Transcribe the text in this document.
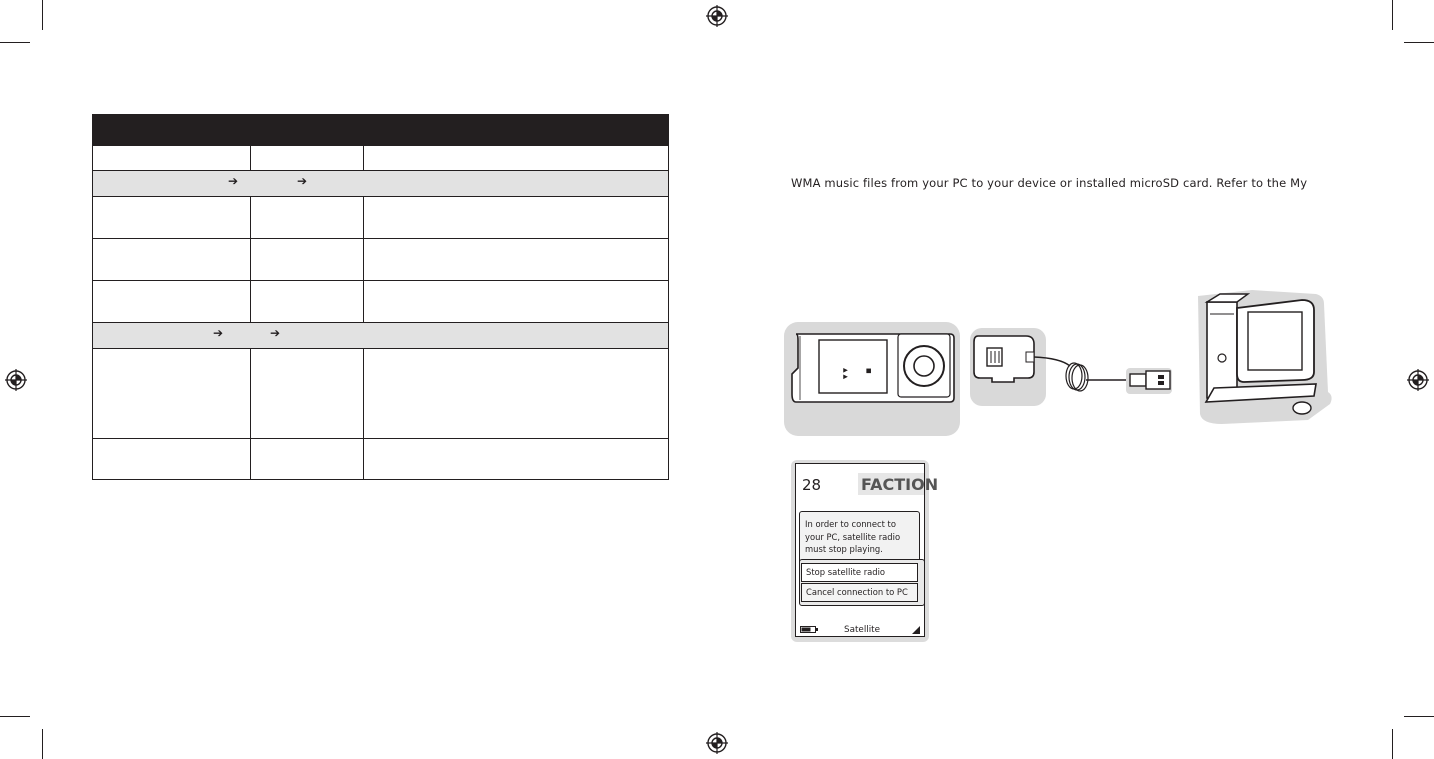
➔ ➔		

➔ ➔		

WMA music files from your PC to your device or installed microSD card. Refer to the My
▲ ▲	■
28 FACTION
In order to connect to your PC, satellite radio must stop playing.
Stop satellite radio
Cancel connection to PC
Satellite
